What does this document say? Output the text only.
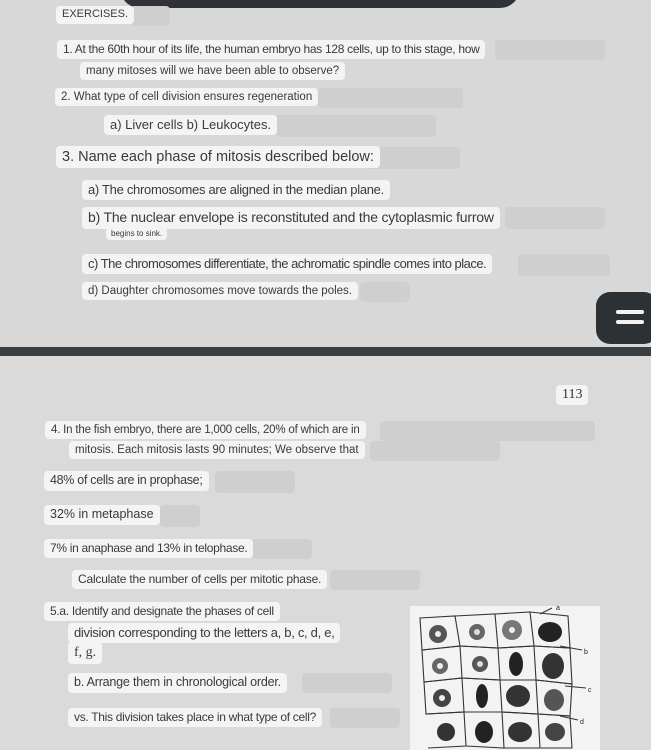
EXERCISES.
1. At the 60th hour of its life, the human embryo has 128 cells, up to this stage, how
many mitoses will we have been able to observe?
2. What type of cell division ensures regeneration
a) Liver cells b) Leukocytes.
3. Name each phase of mitosis described below:
a) The chromosomes are aligned in the median plane.
b) The nuclear envelope is reconstituted and the cytoplasmic furrow
begins to sink.
c) The chromosomes differentiate, the achromatic spindle comes into place.
d) Daughter chromosomes move towards the poles.
113
4. In the fish embryo, there are 1,000 cells, 20% of which are in
mitosis. Each mitosis lasts 90 minutes; We observe that
48% of cells are in prophase;
32% in metaphase
7% in anaphase and 13% in telophase.
Calculate the number of cells per mitotic phase.
5.a. Identify and designate the phases of cell
division corresponding to the letters a, b, c, d, e,
f, g.
b. Arrange them in chronological order.
vs. This division takes place in what type of cell?
a
b
c
d
